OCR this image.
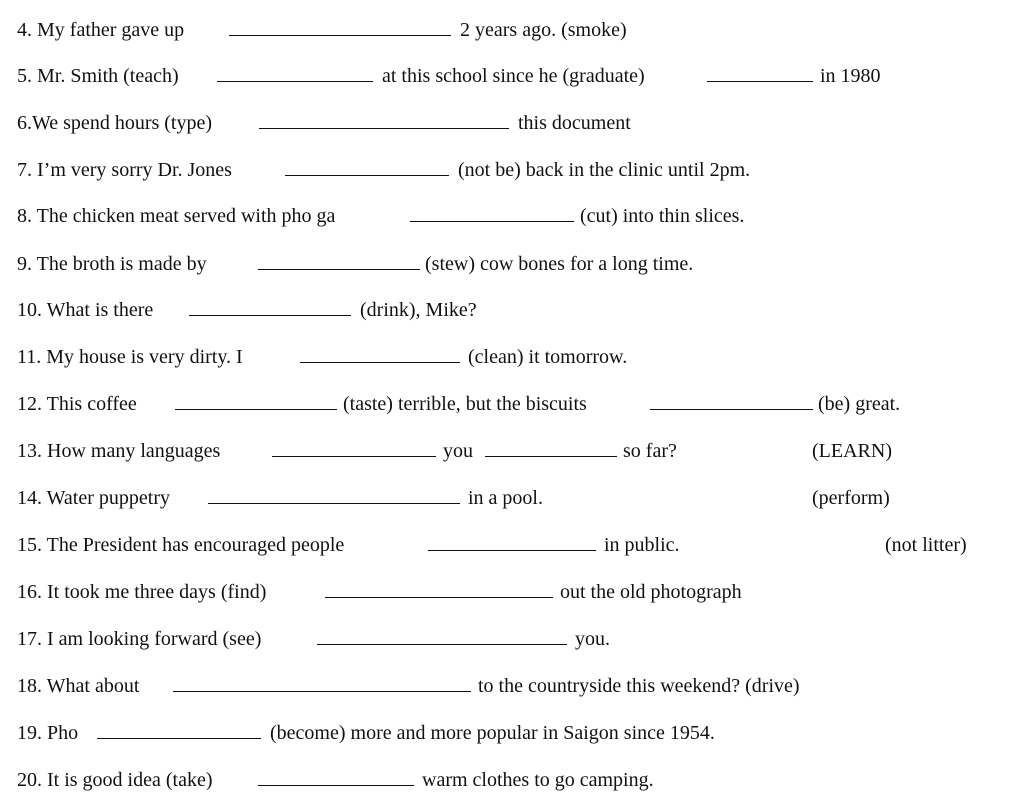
4. My father gave up	2 years ago. (smoke)
5. Mr. Smith (teach)	at this school since he (graduate)	in 1980
6.We spend hours (type)	this document
7. I’m very sorry Dr. Jones	(not be) back in the clinic until 2pm.
8. The chicken meat served with pho ga	(cut) into thin slices.
9. The broth is made by	(stew) cow bones for a long time.
10. What is there	(drink), Mike?
11. My house is very dirty. I	(clean) it tomorrow.
12. This coffee	(taste) terrible, but the biscuits	(be) great.
13. How many languages	you	so far?	(LEARN)
14. Water puppetry	in a pool.	(perform)
15. The President has encouraged people	in public.	(not litter)
16. It took me three days (find)	out the old photograph
17. I am looking forward (see)	you.
18. What about	to the countryside this weekend? (drive)
19. Pho	(become) more and more popular in Saigon since 1954.
20. It is good idea (take)	warm clothes to go camping.
